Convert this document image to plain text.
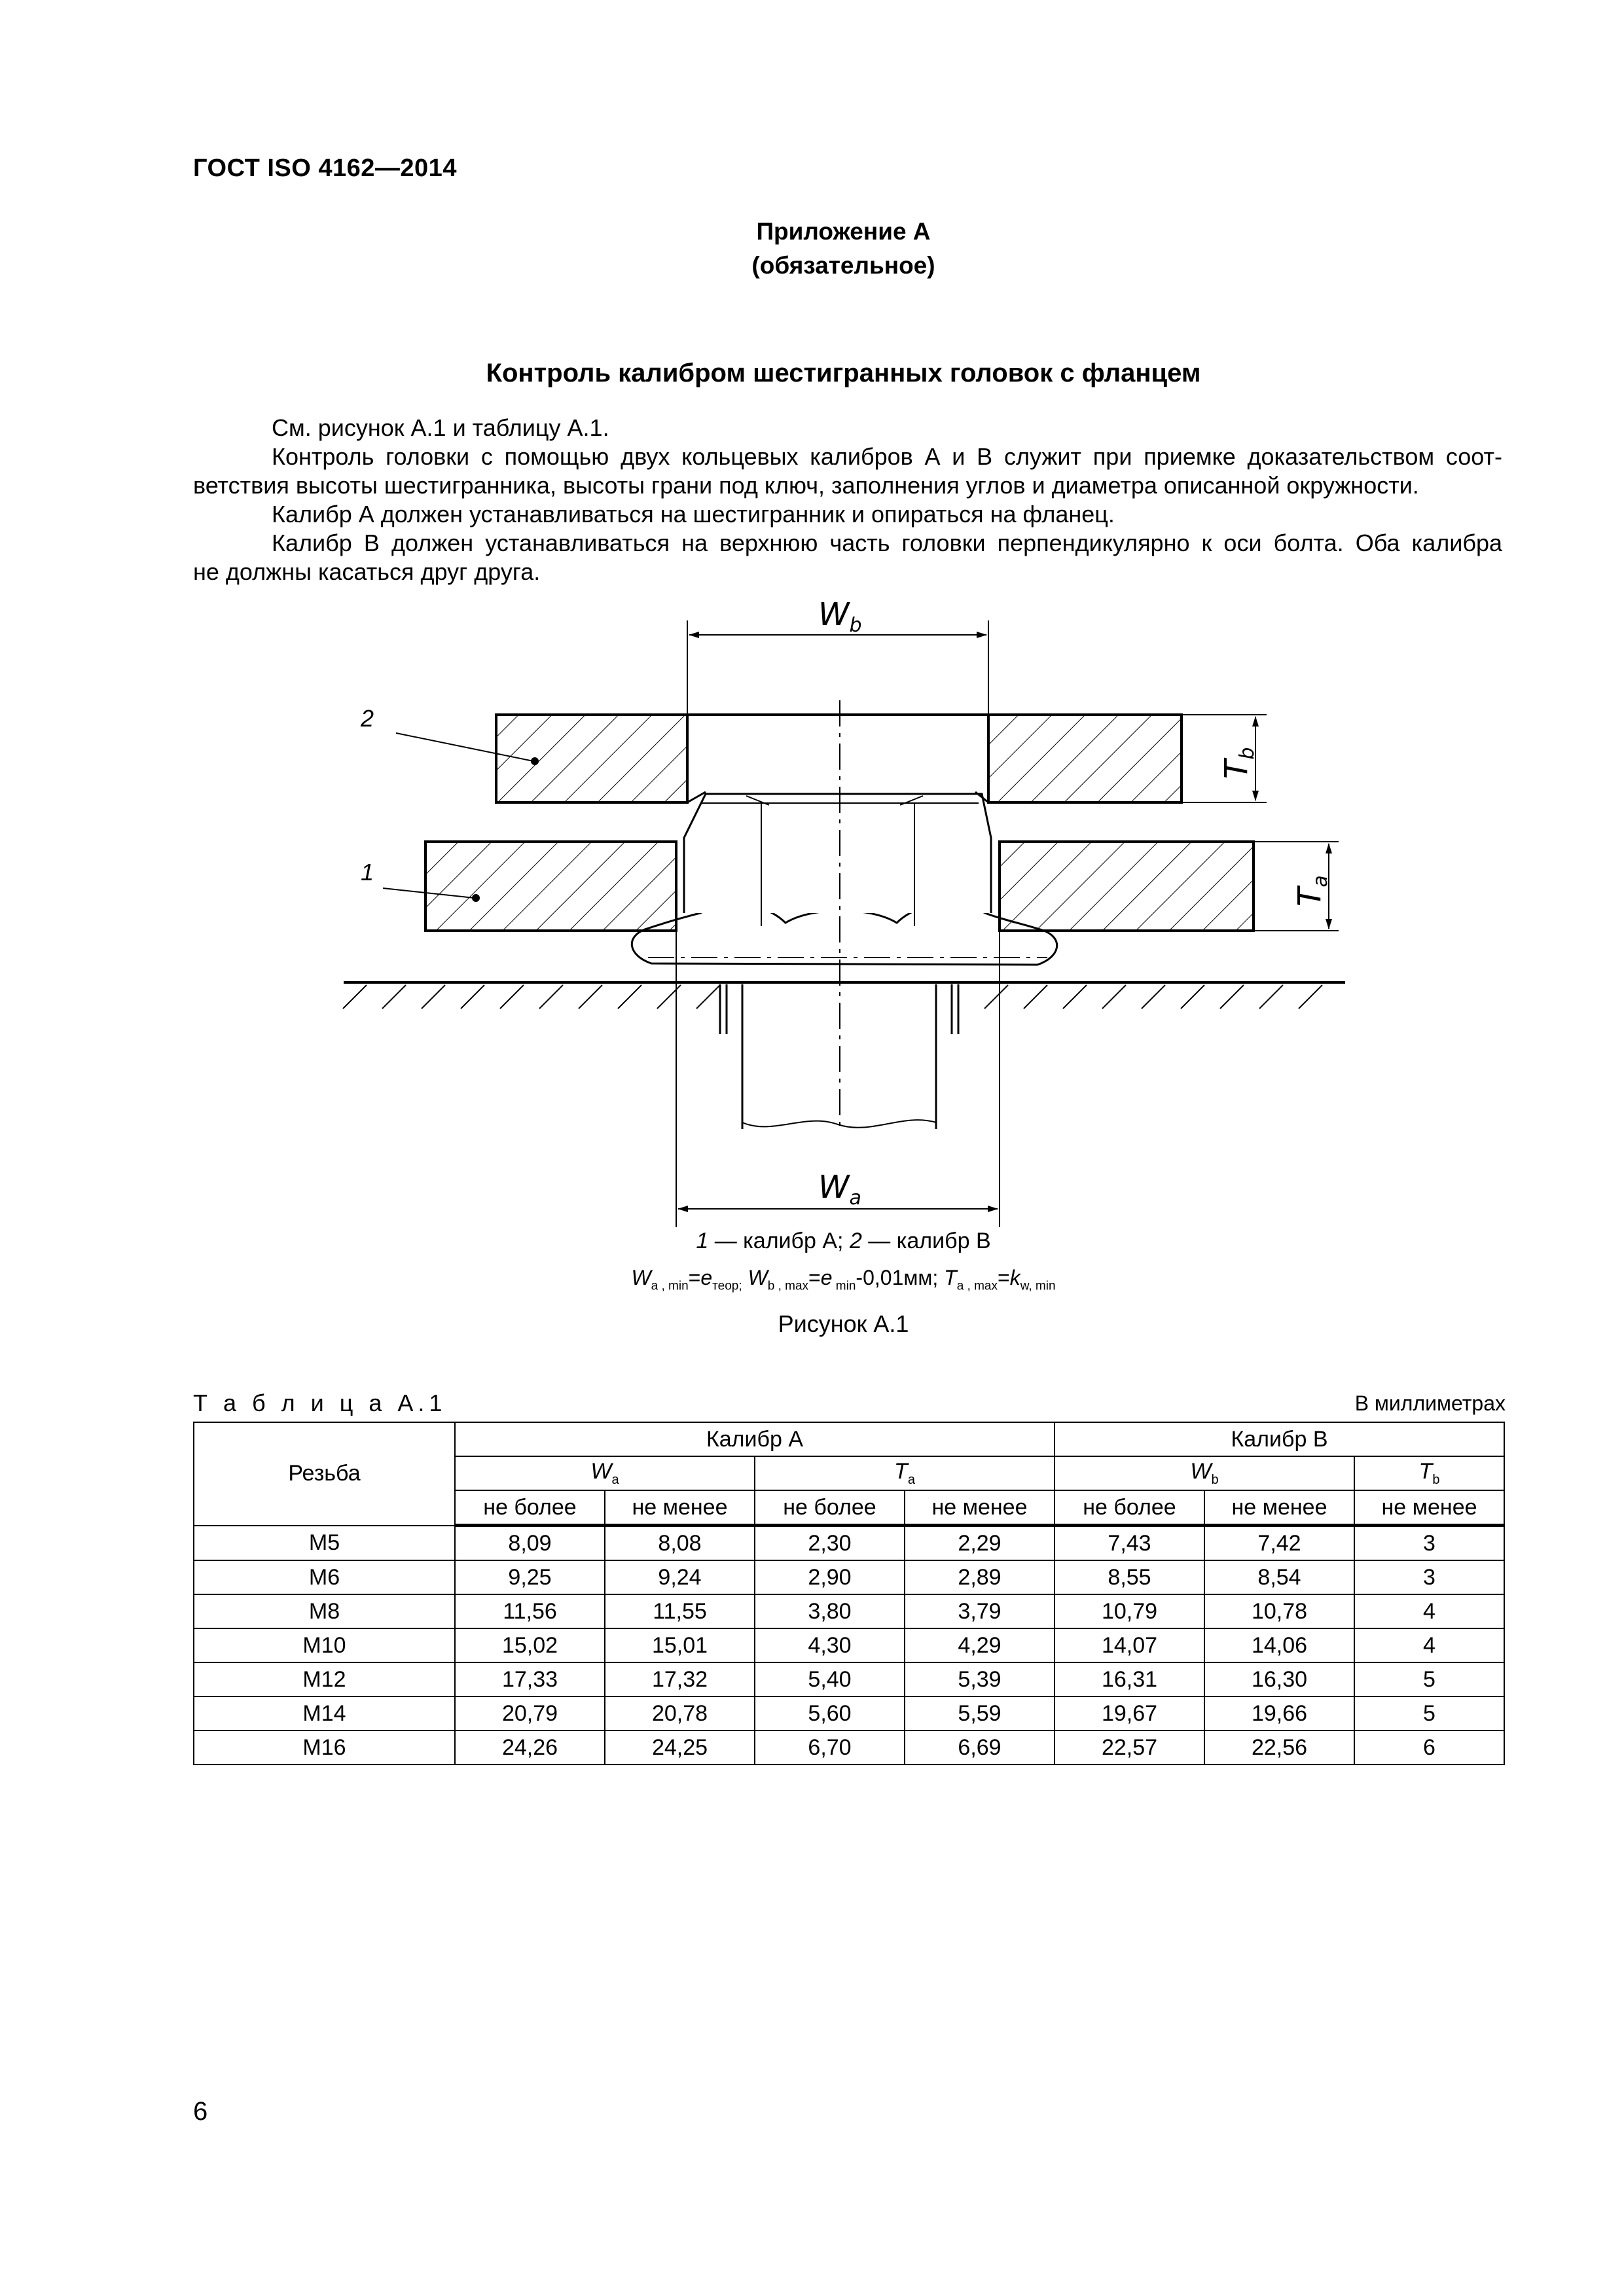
ГОСТ ISO 4162—2014
Приложение А
(обязательное)
Контроль калибром шестигранных головок с фланцем
См. рисунок А.1 и таблицу А.1.
Контроль головки с помощью двух кольцевых калибров А и В служит при приемке доказательством соот-
ветствия высоты шестигранника, высоты грани под ключ, заполнения углов и диаметра описанной окружности.
Калибр А должен устанавливаться на шестигранник и опираться на фланец.
Калибр В должен устанавливаться на верхнюю часть головки перпендикулярно к оси болта. Оба калибра
не должны касаться друг друга.
$W_b$
$W_a$
$T_b$
$T_a$
2
1
1 — калибр А; 2 — калибр В
$W_{a , min}=e_{теор;}$ $W_{b , max}=e$ $_{min}$-0,01мм; $T_{a , max}=k_{w, min}$
Рисунок А.1
Т а б л и ц а А.1	В миллиметрах
Резьба	Калибр А				Калибр В		
	$W_a$		$T_a$		$W_b$		$T_b$
	не более	не менее	не более	не менее	не более	не менее	не менее
M5	8,09	8,08	2,30	2,29	7,43	7,42	3
M6	9,25	9,24	2,90	2,89	8,55	8,54	3
M8	11,56	11,55	3,80	3,79	10,79	10,78	4
M10	15,02	15,01	4,30	4,29	14,07	14,06	4
M12	17,33	17,32	5,40	5,39	16,31	16,30	5
M14	20,79	20,78	5,60	5,59	19,67	19,66	5
M16	24,26	24,25	6,70	6,69	22,57	22,56	6
6
